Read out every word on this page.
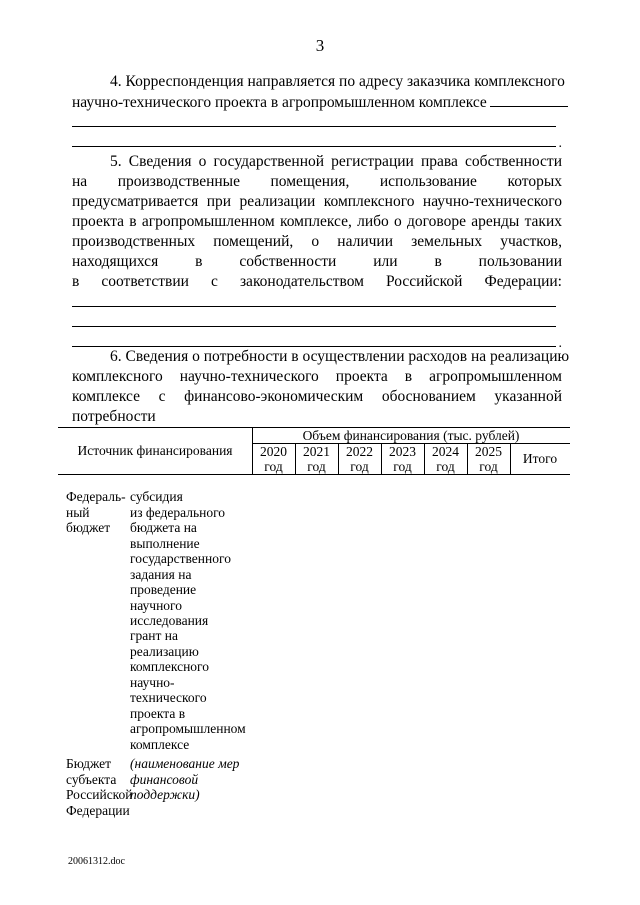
3
4. Корреспонденция направляется по адресу заказчика комплексного
научно-технического проекта в агропромышленном комплексе
.
5. Сведения о государственной регистрации права собственности
на производственные помещения, использование которых
предусматривается при реализации комплексного научно-технического
проекта в агропромышленном комплексе, либо о договоре аренды таких
производственных помещений, о наличии земельных участков,
находящихся в собственности или в пользовании
в соответствии с законодательством Российской Федерации:
.
6. Сведения о потребности в осуществлении расходов на реализацию
комплексного научно-технического проекта в агропромышленном
комплексе с финансово-экономическим обоснованием указанной
потребности
Источник финансирования
Объем финансирования (тыс. рублей)
2020
год
2021
год
2022
год
2023
год
2024
год
2025
год
Итого
Федераль-
ный
бюджет
субсидия
из федерального
бюджета на
выполнение
государственного
задания на
проведение
научного
исследования
грант на
реализацию
комплексного
научно-
технического
проекта в
агропромышленном
комплексе
Бюджет
субъекта
Российской
Федерации
(наименование мер
финансовой
поддержки)
20061312.doc
